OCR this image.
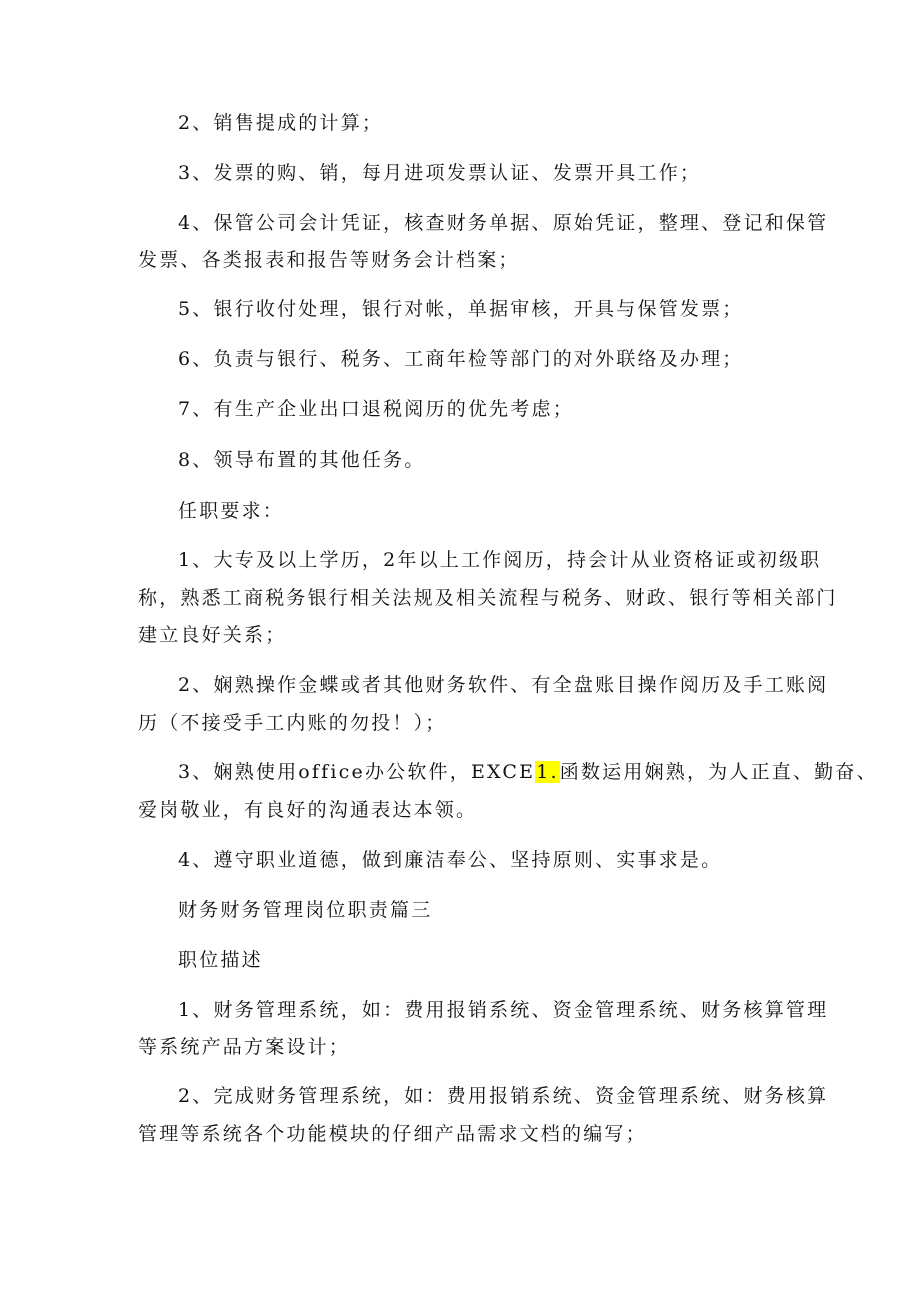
2、销售提成的计算；
3、发票的购、销，每月进项发票认证、发票开具工作；
4、保管公司会计凭证，核查财务单据、原始凭证，整理、登记和保管
发票、各类报表和报告等财务会计档案；
5、银行收付处理，银行对帐，单据审核，开具与保管发票；
6、负责与银行、税务、工商年检等部门的对外联络及办理；
7、有生产企业出口退税阅历的优先考虑；
8、领导布置的其他任务。
任职要求：
1、大专及以上学历，2年以上工作阅历，持会计从业资格证或初级职
称，熟悉工商税务银行相关法规及相关流程与税务、财政、银行等相关部门
建立良好关系；
2、娴熟操作金蝶或者其他财务软件、有全盘账目操作阅历及手工账阅
历（不接受手工内账的勿投！）；
3、娴熟使用office办公软件，EXCE1.函数运用娴熟，为人正直、勤奋、
爱岗敬业，有良好的沟通表达本领。
4、遵守职业道德，做到廉洁奉公、坚持原则、实事求是。
财务财务管理岗位职责篇三
职位描述
1、财务管理系统，如：费用报销系统、资金管理系统、财务核算管理
等系统产品方案设计；
2、完成财务管理系统，如：费用报销系统、资金管理系统、财务核算
管理等系统各个功能模块的仔细产品需求文档的编写；
